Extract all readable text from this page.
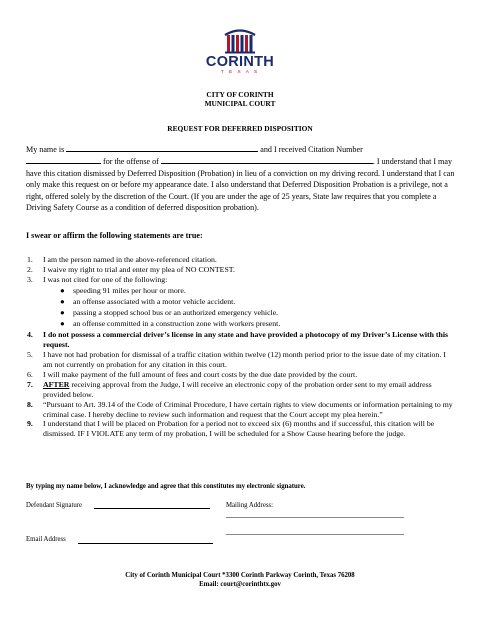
CORINTH
T E X A S
CITY OF CORINTH
MUNICIPAL COURT
REQUEST FOR DEFERRED DISPOSITION
My name is	and I received Citation Number
for the offense of	. I understand that I may have this citation dismissed by Deferred Disposition (Probation) in lieu of a conviction on my driving record. I understand that I can only make this request on or before my appearance date. I also understand that Deferred Disposition Probation is a privilege, not a right, offered solely by the discretion of the Court. (If you are under the age of 25 years, State law requires that you complete a Driving Safety Course as a condition of deferred disposition probation).
I swear or affirm the following statements are true:
1. I am the person named in the above-referenced citation.
2. I waive my right to trial and enter my plea of NO CONTEST.
3. I was not cited for one of the following:
● speeding 91 miles per hour or more.
● an offense associated with a motor vehicle accident.
● passing a stopped school bus or an authorized emergency vehicle.
● an offense committed in a construction zone with workers present.
4. I do not possess a commercial driver’s license in any state and have provided a photocopy of my Driver’s License with this request.
5. I have not had probation for dismissal of a traffic citation within twelve (12) month period prior to the issue date of my citation. I am not currently on probation for any citation in this court.
6. I will make payment of the full amount of fees and court costs by the due date provided by the court.
7. AFTER receiving approval from the Judge, I will receive an electronic copy of the probation order sent to my email address provided below.
8. “Pursuant to Art. 39.14 of the Code of Criminal Procedure, I have certain rights to view documents or information pertaining to my criminal case. I hereby decline to review such information and request that the Court accept my plea herein.”
9. I understand that I will be placed on Probation for a period not to exceed six (6) months and if successful, this citation will be dismissed. IF I VIOLATE any term of my probation, I will be scheduled for a Show Cause hearing before the judge.
By typing my name below, I acknowledge and agree that this constitutes my electronic signature.
Defendant Signature	Mailing Address:
Email Address
City of Corinth Municipal Court *3300 Corinth Parkway Corinth, Texas 76208
Email: court@corinthtx.gov
